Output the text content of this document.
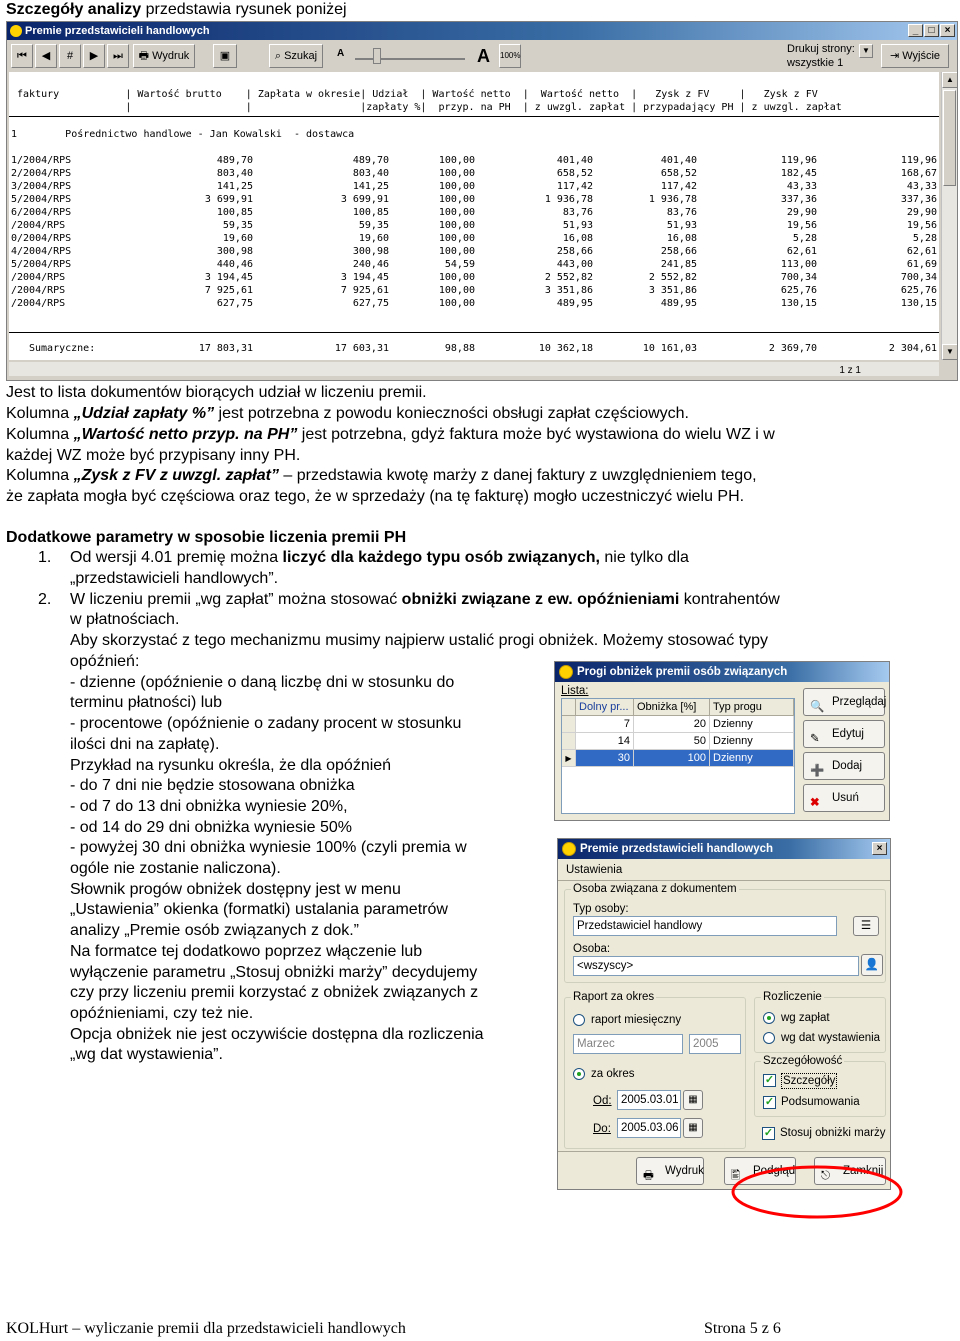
Szczegóły analizy przedstawia rysunek poniżej
Premie przedstawicieli handlowych	_	□	×
⏮	◀	#	▶	⏭	🖶 Wydruk	▣	⌕ Szukaj	A	A 100%
Drukuj strony:
wszystkie 1
▼	⇥ Wyjście
faktury           | Wartość brutto    | Zapłata w okresie| Udział  | Wartość netto  |  Wartość netto  |   Zysk z FV     |   Zysk z FV
|                   |                  |zapłaty %|  przyp. na PH  | z uwzgl. zapłat | przypadający PH | z uwzgl. zapłat
1        Pośrednictwo handlowe - Jan Kowalski  - dostawca
1/2004/RPS	489,70	489,70	100,00	401,40	401,40	119,96	119,96
2/2004/RPS	803,40	803,40	100,00	658,52	658,52	182,45	168,67
3/2004/RPS	141,25	141,25	100,00	117,42	117,42	43,33	43,33
5/2004/RPS	3 699,91	3 699,91	100,00	1 936,78	1 936,78	337,36	337,36
6/2004/RPS	100,85	100,85	100,00	83,76	83,76	29,90	29,90
/2004/RPS	59,35	59,35	100,00	51,93	51,93	19,56	19,56
0/2004/RPS	19,60	19,60	100,00	16,08	16,08	5,28	5,28
4/2004/RPS	300,98	300,98	100,00	258,66	258,66	62,61	62,61
5/2004/RPS	440,46	240,46	54,59	443,00	241,85	113,00	61,69
/2004/RPS	3 194,45	3 194,45	100,00	2 552,82	2 552,82	700,34	700,34
/2004/RPS	7 925,61	7 925,61	100,00	3 351,86	3 351,86	625,76	625,76
/2004/RPS	627,75	627,75	100,00	489,95	489,95	130,15	130,15
Sumaryczne:	17 803,31	17 603,31	98,88	10 362,18	10 161,03	2 369,70	2 304,61
▲
▼
1 z 1
Jest to lista dokumentów biorących udział w liczeniu premii.
Kolumna „Udział zapłaty %” jest potrzebna z powodu konieczności obsługi zapłat częściowych.
Kolumna „Wartość netto przyp. na PH” jest potrzebna, gdyż faktura może być wystawiona do wielu WZ i w
każdej WZ może być przypisany inny PH.
Kolumna „Zysk z FV z uwzgl. zapłat” – przedstawia kwotę marży z danej faktury z uwzględnieniem tego,
że zapłata mogła być częściowa oraz tego, że w sprzedaży (na tę fakturę) mogło uczestniczyć wielu PH.
Dodatkowe parametry w sposobie liczenia premii PH
1. Od wersji 4.01 premię można liczyć dla każdego typu osób związanych, nie tylko dla
„przedstawicieli handlowych”.
2. W liczeniu premii „wg zapłat” można stosować obniżki związane z ew. opóźnieniami kontrahentów
w płatnościach.
Aby skorzystać z tego mechanizmu musimy najpierw ustalić progi obniżek. Możemy stosować typy
opóźnień:
- dzienne (opóźnienie o daną liczbę dni w stosunku do
terminu płatności) lub
- procentowe (opóźnienie o zadany procent w stosunku
ilości dni na zapłatę).
Przykład na rysunku określa, że dla opóźnień
- do 7 dni nie będzie stosowana obniżka
- od 7 do 13 dni obniżka wyniesie 20%,
- od 14 do 29 dni obniżka wyniesie 50%
- powyżej 30 dni obniżka wyniesie 100% (czyli premia w
ogóle nie zostanie naliczona).
Słownik progów obniżek dostępny jest w menu
„Ustawienia” okienka (formatki) ustalania parametrów
analizy „Premie osób związanych z dok.”
Na formatce tej dodatkowo poprzez włączenie lub
wyłączenie parametru „Stosuj obniżki marży” decydujemy
czy przy liczeniu premii korzystać z obniżek związanych z
opóźnieniami, czy też nie.
Opcja obniżek nie jest oczywiście dostępna dla rozliczenia
„wg dat wystawienia”.
Progi obniżek premii osób związanych
Lista:
Dolny pr... Obniżka [%]	Typ progu
7	20 Dzienny
14	50 Dzienny
▶	30	100 Dzienny
🔍 Przeglądaj
✎	Edytuj
➕ Dodaj
✖	Usuń
Premie przedstawicieli handlowych	×
Ustawienia
Osoba związana z dokumentem
Typ osoby:
Przedstawiciel handlowy	☰
Osoba:
<wszyscy>	👤
Raport za okres
raport miesięczny
Marzec	2005
za okres
Od: 2005.03.01 ▦
Do: 2005.03.06 ▦
Rozliczenie
wg zapłat
wg dat wystawienia
Szczegółowość
✓ Szczegóły
✓ Podsumowania
✓ Stosuj obniżki marży
🖶 Wydruk 🖺	Podgląd ⎋	Zamknij
KOLHurt – wyliczanie premii dla przedstawicieli handlowych	Strona 5 z 6
